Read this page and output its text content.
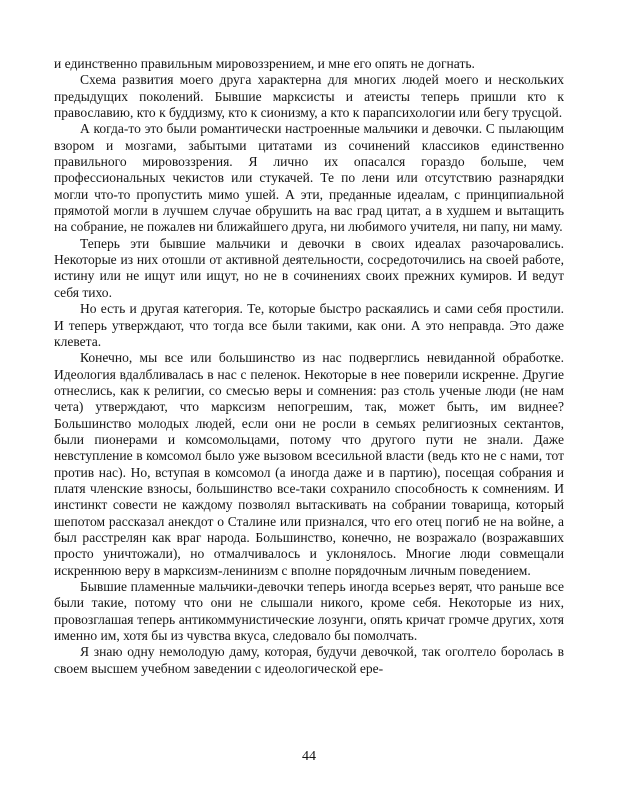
и единственно правильным мировоззрением, и мне его опять не догнать.

Схема развития моего друга характерна для многих людей моего и нескольких предыдущих поколений. Бывшие марксисты и атеисты теперь пришли кто к православию, кто к буддизму, кто к сионизму, а кто к парапсихологии или бегу трусцой.

А когда-то это были романтически настроенные мальчики и девочки. С пылающим взором и мозгами, забытыми цитатами из сочинений классиков единственно правильного мировоззрения. Я лично их опасался гораздо больше, чем профессиональных чекистов или стукачей. Те по лени или отсутствию разнарядки могли что-то пропустить мимо ушей. А эти, преданные идеалам, с принципиальной прямотой могли в лучшем случае обрушить на вас град цитат, а в худшем и вытащить на собрание, не пожалев ни ближайшего друга, ни любимого учителя, ни папу, ни маму.

Теперь эти бывшие мальчики и девочки в своих идеалах разочаровались. Некоторые из них отошли от активной деятельности, сосредоточились на своей работе, истину или не ищут или ищут, но не в сочинениях своих прежних кумиров. И ведут себя тихо.

Но есть и другая категория. Те, которые быстро раскаялись и сами себя простили. И теперь утверждают, что тогда все были такими, как они. А это неправда. Это даже клевета.

Конечно, мы все или большинство из нас подверглись невиданной обработке. Идеология вдалбливалась в нас с пеленок. Некоторые в нее поверили искренне. Другие отнеслись, как к религии, со смесью веры и сомнения: раз столь ученые люди (не нам чета) утверждают, что марксизм непогрешим, так, может быть, им виднее? Большинство молодых людей, если они не росли в семьях религиозных сектантов, были пионерами и комсомольцами, потому что другого пути не знали. Даже невступление в комсомол было уже вызовом всесильной власти (ведь кто не с нами, тот против нас). Но, вступая в комсомол (а иногда даже и в партию), посещая собрания и платя членские взносы, большинство все-таки сохранило способность к сомнениям. И инстинкт совести не каждому позволял вытаскивать на собрании товарища, который шепотом рассказал анекдот о Сталине или признался, что его отец погиб не на войне, а был расстрелян как враг народа. Большинство, конечно, не возражало (возражавших просто уничтожали), но отмалчивалось и уклонялось. Многие люди совмещали искреннюю веру в марксизм-ленинизм с вполне порядочным личным поведением.

Бывшие пламенные мальчики-девочки теперь иногда всерьез верят, что раньше все были такие, потому что они не слышали никого, кроме себя. Некоторые из них, провозглашая теперь антикоммунистические лозунги, опять кричат громче других, хотя именно им, хотя бы из чувства вкуса, следовало бы помолчать.

Я знаю одну немолодую даму, которая, будучи девочкой, так оголтело боролась в своем высшем учебном заведении с идеологической ере-

44
